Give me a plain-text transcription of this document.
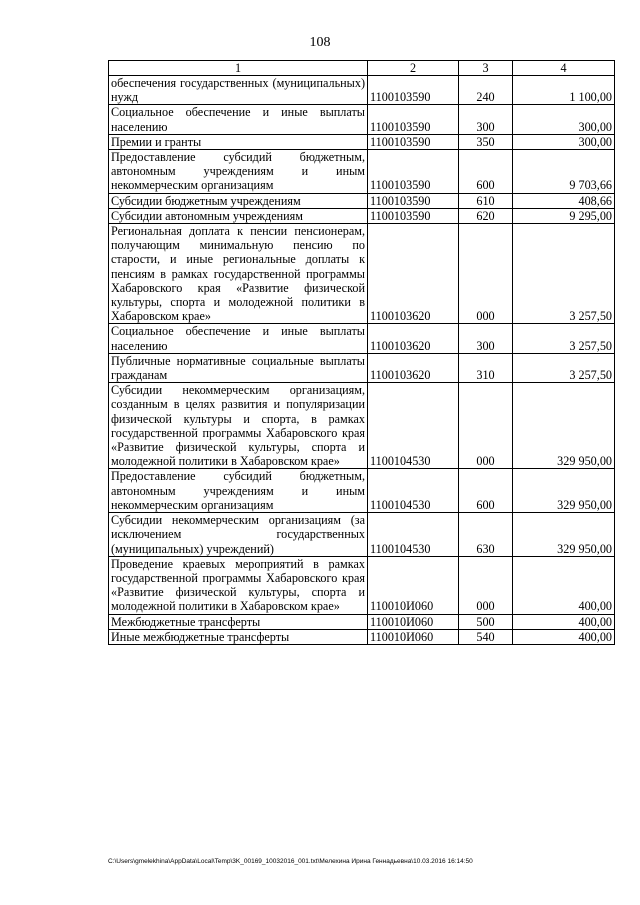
108
1	2	3	4
обеспечения государственных (муниципальных) нужд	1100103590	240	1 100,00
Социальное обеспечение и иные выплаты населению	1100103590	300	300,00
Премии и гранты	1100103590	350	300,00
Предоставление субсидий бюджетным, автономным учреждениям и иным некоммерческим организациям	1100103590	600	9 703,66
Субсидии бюджетным учреждениям	1100103590	610	408,66
Субсидии автономным учреждениям	1100103590	620	9 295,00
Региональная доплата к пенсии пенсионерам, получающим минимальную пенсию по старости, и иные региональные доплаты к пенсиям в рамках государственной программы Хабаровского края «Развитие физической культуры, спорта и молодежной политики в Хабаровском крае»	1100103620	000	3 257,50
Социальное обеспечение и иные выплаты населению	1100103620	300	3 257,50
Публичные нормативные социальные выплаты гражданам	1100103620	310	3 257,50
Субсидии некоммерческим организациям, созданным в целях развития и популяризации физической культуры и спорта, в рамках государственной программы Хабаровского края «Развитие физической культуры, спорта и молодежной политики в Хабаровском крае»	1100104530	000	329 950,00
Предоставление субсидий бюджетным, автономным учреждениям и иным некоммерческим организациям	1100104530	600	329 950,00
Субсидии некоммерческим организациям (за исключением государственных (муниципальных) учреждений)	1100104530	630	329 950,00
Проведение краевых мероприятий в рамках государственной программы Хабаровского края «Развитие физической культуры, спорта и молодежной политики в Хабаровском крае»	110010И060	000	400,00
Межбюджетные трансферты	110010И060	500	400,00
Иные межбюджетные трансферты	110010И060	540	400,00
C:\Users\gmelekhina\AppData\Local\Temp\3K_00169_10032016_001.txt\Мелехина Ирина Геннадьевна\10.03.2016 16:14:50
